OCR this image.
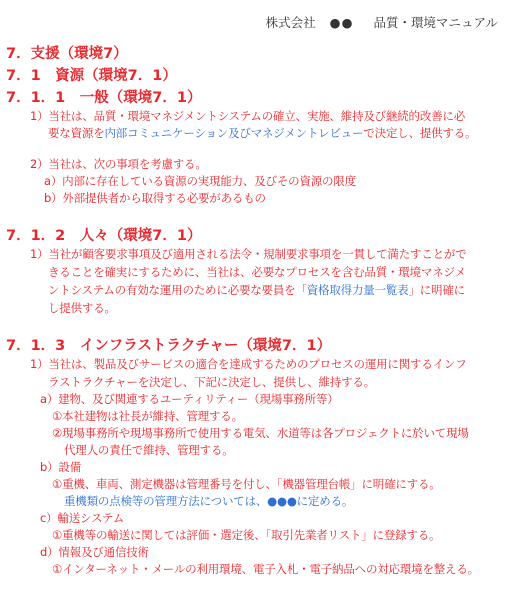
株式会社 ●● 品質・環境マニュアル
7．支援（環境7）
7．1　資源（環境7．1）
7．1．1　一般（環境7．1）
1）当社は、品質・環境マネジメントシステムの確立、実施、維持及び継続的改善に必
要な資源を内部コミュニケーション及びマネジメントレビューで決定し、提供する。
2）当社は、次の事項を考慮する。
a）内部に存在している資源の実現能力、及びその資源の限度
b）外部提供者から取得する必要があるもの
7．1．2　人々（環境7．1）
1）当社が顧客要求事項及び適用される法令・規制要求事項を一貫して満たすことがで
きることを確実にするために、当社は、必要なプロセスを含む品質・環境マネジメ
ントシステムの有効な運用のために必要な要員を「資格取得力量一覧表」に明確に
し提供する。
7．1．3　インフラストラクチャー（環境7．1）
1）当社は、製品及びサービスの適合を達成するためのプロセスの運用に関するインフ
ラストラクチャーを決定し、下記に決定し、提供し、維持する。
a）建物、及び関連するユーティリティー（現場事務所等）
①本社建物は社長が維持、管理する。
②現場事務所や現場事務所で使用する電気、水道等は各プロジェクトに於いて現場
代理人の責任で維持、管理する。
b）設備
①重機、車両、測定機器は管理番号を付し、「機器管理台帳」に明確にする。
重機類の点検等の管理方法については、●●●に定める。
c）輸送システム
①重機等の輸送に関しては評価・選定後、「取引先業者リスト」に登録する。
d）情報及び通信技術
①インターネット・メールの利用環境、電子入札・電子納品への対応環境を整える。
